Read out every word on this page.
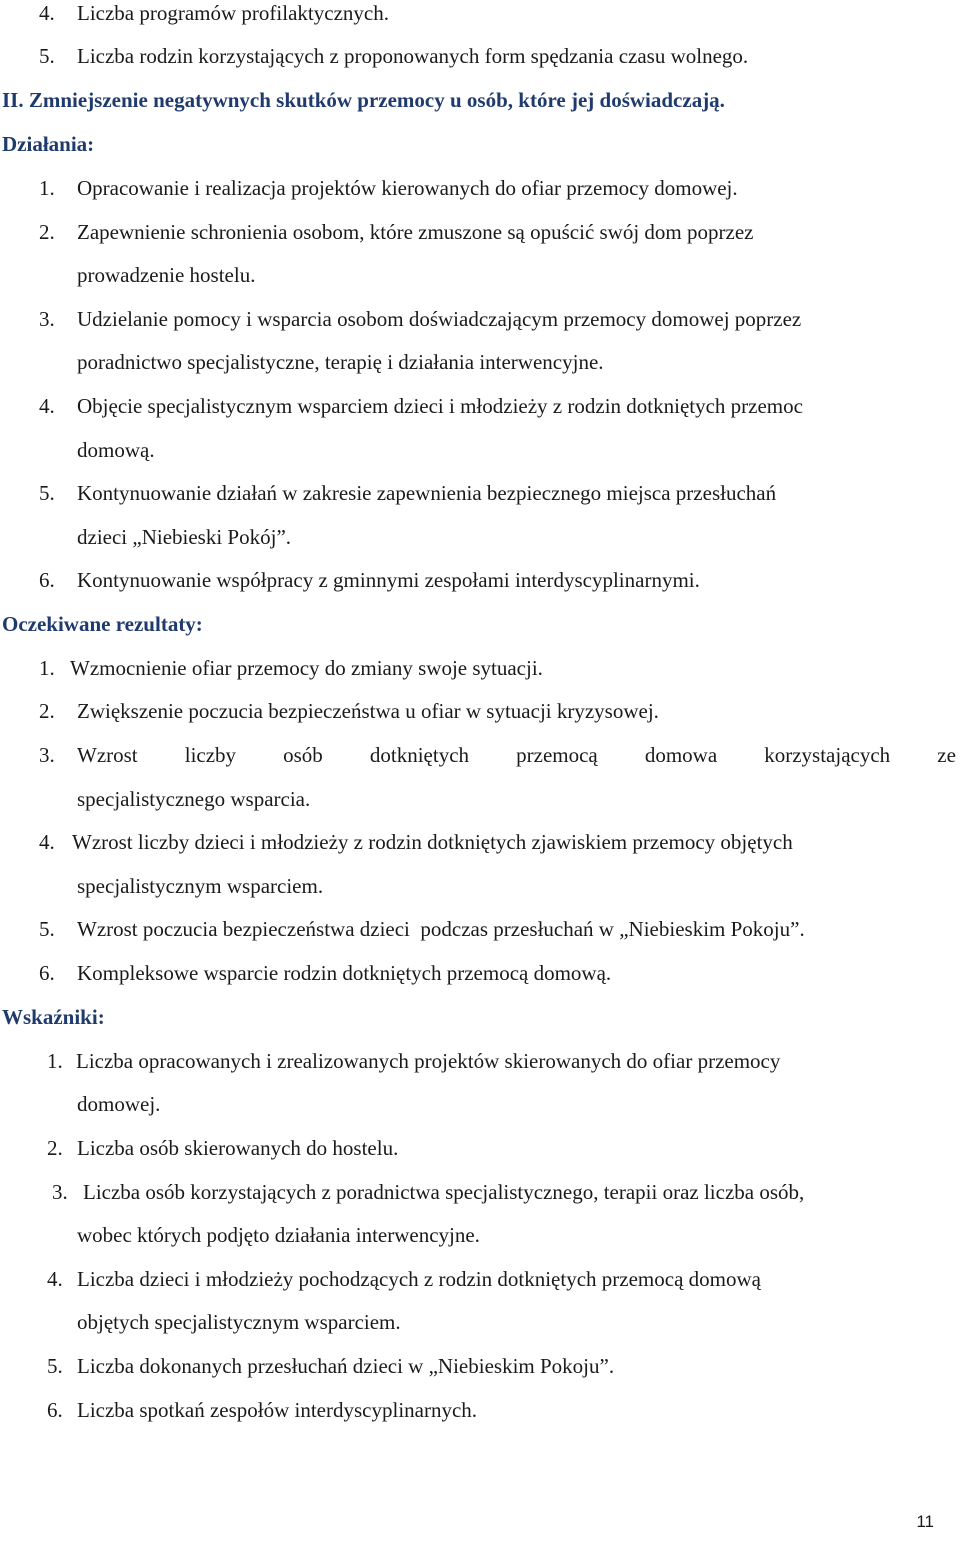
4. Liczba programów profilaktycznych.
5. Liczba rodzin korzystających z proponowanych form spędzania czasu wolnego.
II. Zmniejszenie negatywnych skutków przemocy u osób, które jej doświadczają.
Działania:
1. Opracowanie i realizacja projektów kierowanych do ofiar przemocy domowej.
2. Zapewnienie schronienia osobom, które zmuszone są opuścić swój dom poprzez
prowadzenie hostelu.
3. Udzielanie pomocy i wsparcia osobom doświadczającym przemocy domowej poprzez
poradnictwo specjalistyczne, terapię i działania interwencyjne.
4. Objęcie specjalistycznym wsparciem dzieci i młodzieży z rodzin dotkniętych przemoc
domową.
5. Kontynuowanie działań w zakresie zapewnienia bezpiecznego miejsca przesłuchań
dzieci „Niebieski Pokój”.
6. Kontynuowanie współpracy z gminnymi zespołami interdyscyplinarnymi.
Oczekiwane rezultaty:
1. Wzmocnienie ofiar przemocy do zmiany swoje sytuacji.
2. Zwiększenie poczucia bezpieczeństwa u ofiar w sytuacji kryzysowej.
3. Wzrost liczby osób dotkniętych przemocą domowa korzystających ze
specjalistycznego wsparcia.
4. Wzrost liczby dzieci i młodzieży z rodzin dotkniętych zjawiskiem przemocy objętych
specjalistycznym wsparciem.
5. Wzrost poczucia bezpieczeństwa dzieci  podczas przesłuchań w „Niebieskim Pokoju”.
6. Kompleksowe wsparcie rodzin dotkniętych przemocą domową.
Wskaźniki:
1. Liczba opracowanych i zrealizowanych projektów skierowanych do ofiar przemocy
domowej.
2. Liczba osób skierowanych do hostelu.
3. Liczba osób korzystających z poradnictwa specjalistycznego, terapii oraz liczba osób,
wobec których podjęto działania interwencyjne.
4. Liczba dzieci i młodzieży pochodzących z rodzin dotkniętych przemocą domową
objętych specjalistycznym wsparciem.
5. Liczba dokonanych przesłuchań dzieci w „Niebieskim Pokoju”.
6. Liczba spotkań zespołów interdyscyplinarnych.
11
